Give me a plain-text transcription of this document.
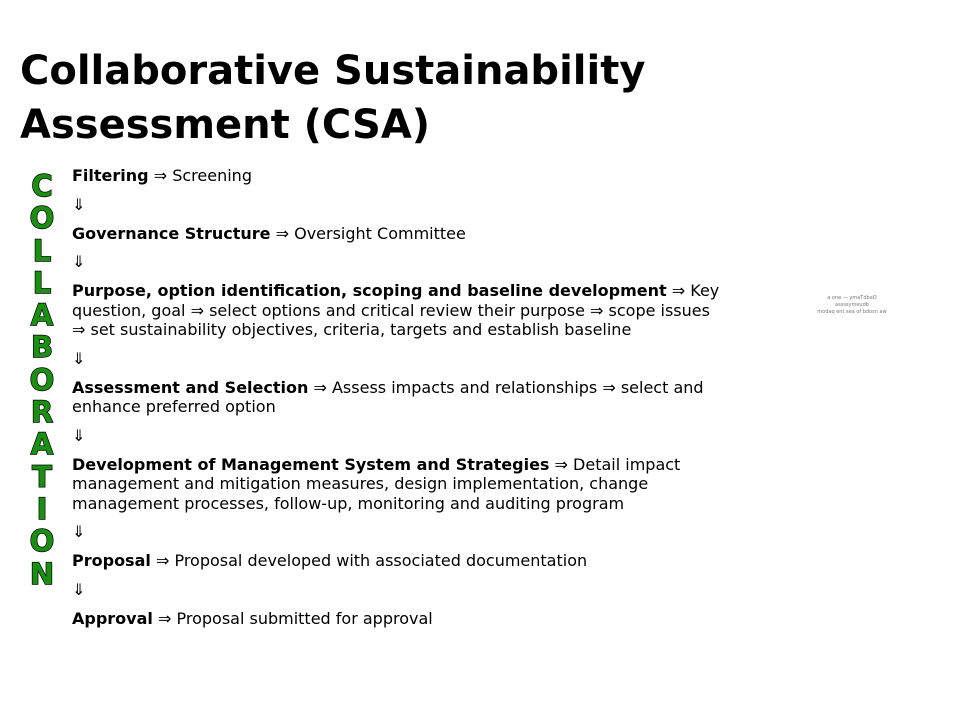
Collaborative Sustainability Assessment (CSA)
C
O
L
L
A
B
O
R
A
T
I
O
N

Filtering ⇒ Screening

⇓

Governance Structure ⇒ Oversight Committee

⇓

Purpose, option identification, scoping and baseline development ⇒ Key question, goal ⇒ select options and critical review their purpose ⇒ scope issues ⇒ set sustainability objectives, criteria, targets and establish baseline

⇓

Assessment and Selection ⇒ Assess impacts and relationships ⇒ select and enhance preferred option

⇓

Development of Management System and Strategies ⇒ Detail impact management and mitigation measures, design implementation, change management processes, follow-up, monitoring and auditing program

⇓

Proposal ⇒ Proposal developed with associated documentation

⇓

Approval ⇒ Proposal submitted for approval

a one — ymaTdbaO
assssymeudb
modaq ent sea of bdosn aw
